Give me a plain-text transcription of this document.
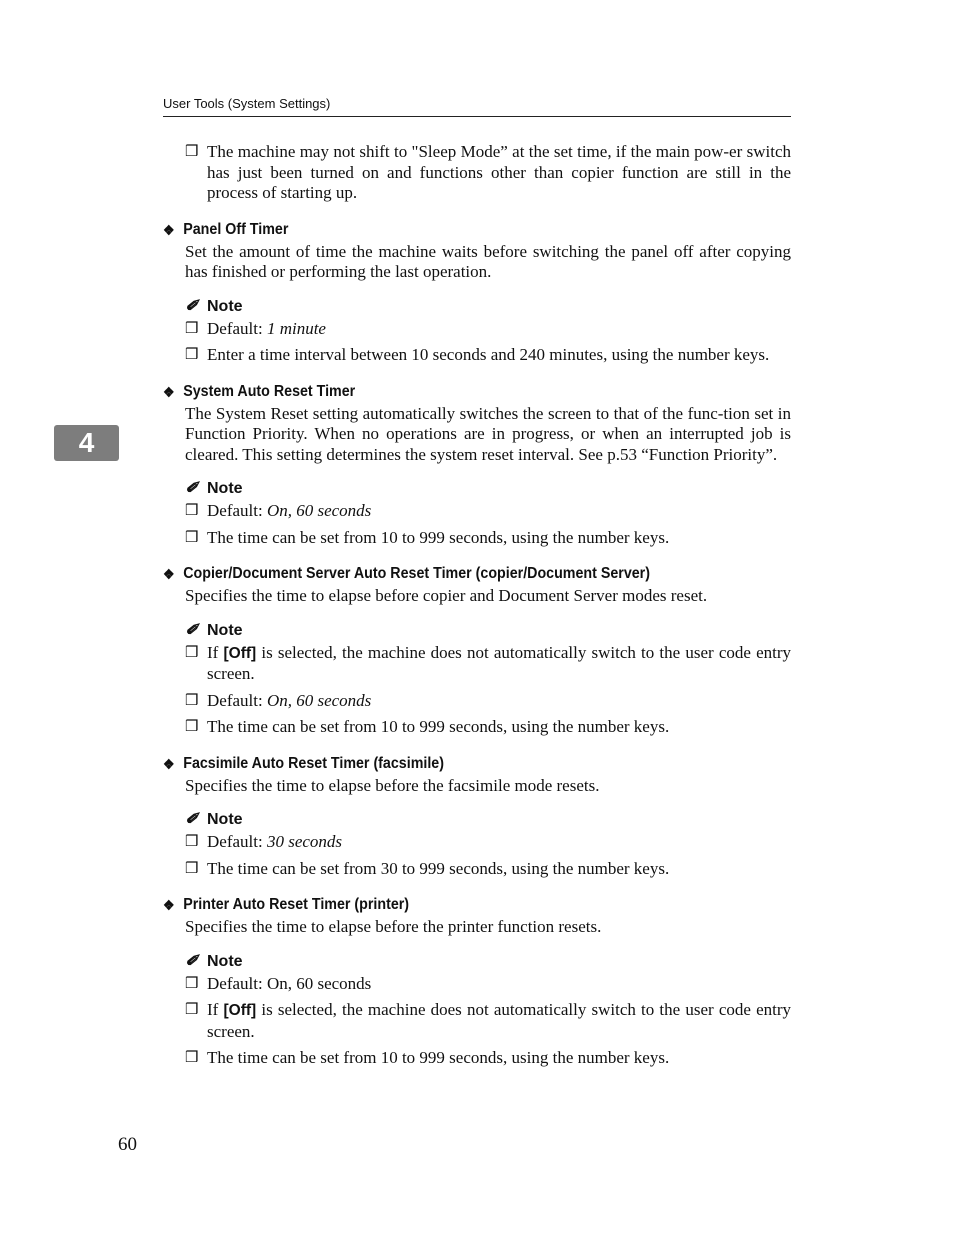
User Tools (System Settings)
4
❒ The machine may not shift to "Sleep Mode” at the set time, if the main pow-er switch has just been turned on and functions other than copier function are still in the process of starting up.
❖ Panel Off Timer
Set the amount of time the machine waits before switching the panel off after copying has finished or performing the last operation.
✐ Note
❒ Default: 1 minute
❒ Enter a time interval between 10 seconds and 240 minutes, using the number keys.
❖ System Auto Reset Timer
The System Reset setting automatically switches the screen to that of the func-tion set in Function Priority. When no operations are in progress, or when an interrupted job is cleared. This setting determines the system reset interval. See p.53 “Function Priority”.
✐ Note
❒ Default: On, 60 seconds
❒ The time can be set from 10 to 999 seconds, using the number keys.
❖ Copier/Document Server Auto Reset Timer (copier/Document Server)
Specifies the time to elapse before copier and Document Server modes reset.
✐ Note
❒ If [Off] is selected, the machine does not automatically switch to the user code entry screen.
❒ Default: On, 60 seconds
❒ The time can be set from 10 to 999 seconds, using the number keys.
❖ Facsimile Auto Reset Timer (facsimile)
Specifies the time to elapse before the facsimile mode resets.
✐ Note
❒ Default: 30 seconds
❒ The time can be set from 30 to 999 seconds, using the number keys.
❖ Printer Auto Reset Timer (printer)
Specifies the time to elapse before the printer function resets.
✐ Note
❒ Default: On, 60 seconds
❒ If [Off] is selected, the machine does not automatically switch to the user code entry screen.
❒ The time can be set from 10 to 999 seconds, using the number keys.
60
